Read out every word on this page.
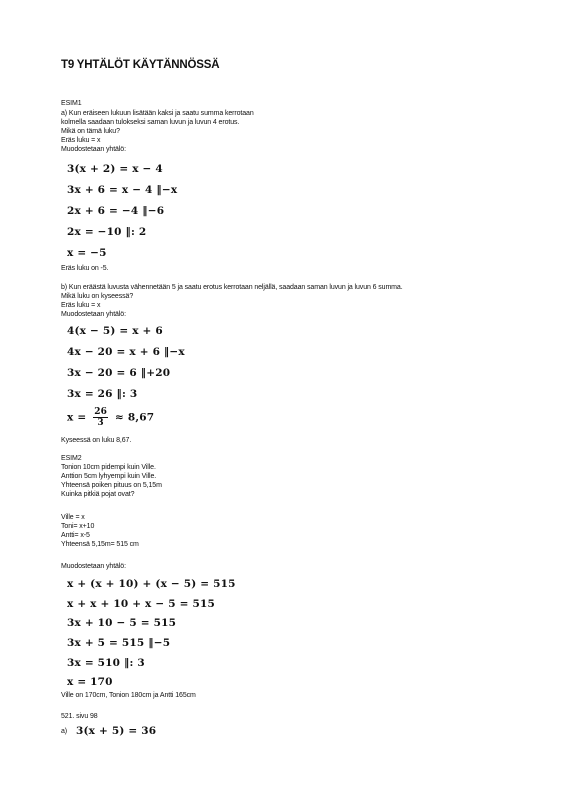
T9 YHTÄLÖT KÄYTÄNNÖSSÄ
ESIM1
a) Kun eräiseen lukuun lisätään kaksi ja saatu summa kerrotaan
kolmella saadaan tulokseksi saman luvun ja luvun 4 erotus.
Mikä on tämä luku?
Eräs luku = x
Muodostetaan yhtälö:
3(x + 2) = x − 4
3x + 6 = x − 4 ‖−x
2x + 6 = −4 ‖−6
2x = −10 ‖: 2
x = −5
Eräs luku on -5.
b) Kun eräästä luvusta vähennetään 5 ja saatu erotus kerrotaan neljällä, saadaan saman luvun ja luvun 6 summa.
Mikä luku on kyseessä?
Eräs luku = x
Muodostetaan yhtälö:
4(x − 5) = x + 6
4x − 20 = x + 6 ‖−x
3x − 20 = 6 ‖+20
3x = 26 ‖: 3
$x = \frac{26}{3} \approx 8,67$
Kyseessä on luku 8,67.
ESIM2
Tonion 10cm pidempi kuin Ville.
Anttion 5cm lyhyempi kuin Ville.
Yhteensä poiken pituus on 5,15m
Kuinka pitkiä pojat ovat?
Ville = x
Toni= x+10
Antti= x-5
Yhteensä 5,15m= 515 cm
Muodostetaan yhtälö:
x + (x + 10) + (x − 5) = 515
x + x + 10 + x − 5 = 515
3x + 10 − 5 = 515
3x + 5 = 515 ‖−5
3x = 510 ‖: 3
x = 170
Ville on 170cm, Tonion 180cm ja Antti 165cm
521. sivu 98
a) 3(x + 5) = 36
